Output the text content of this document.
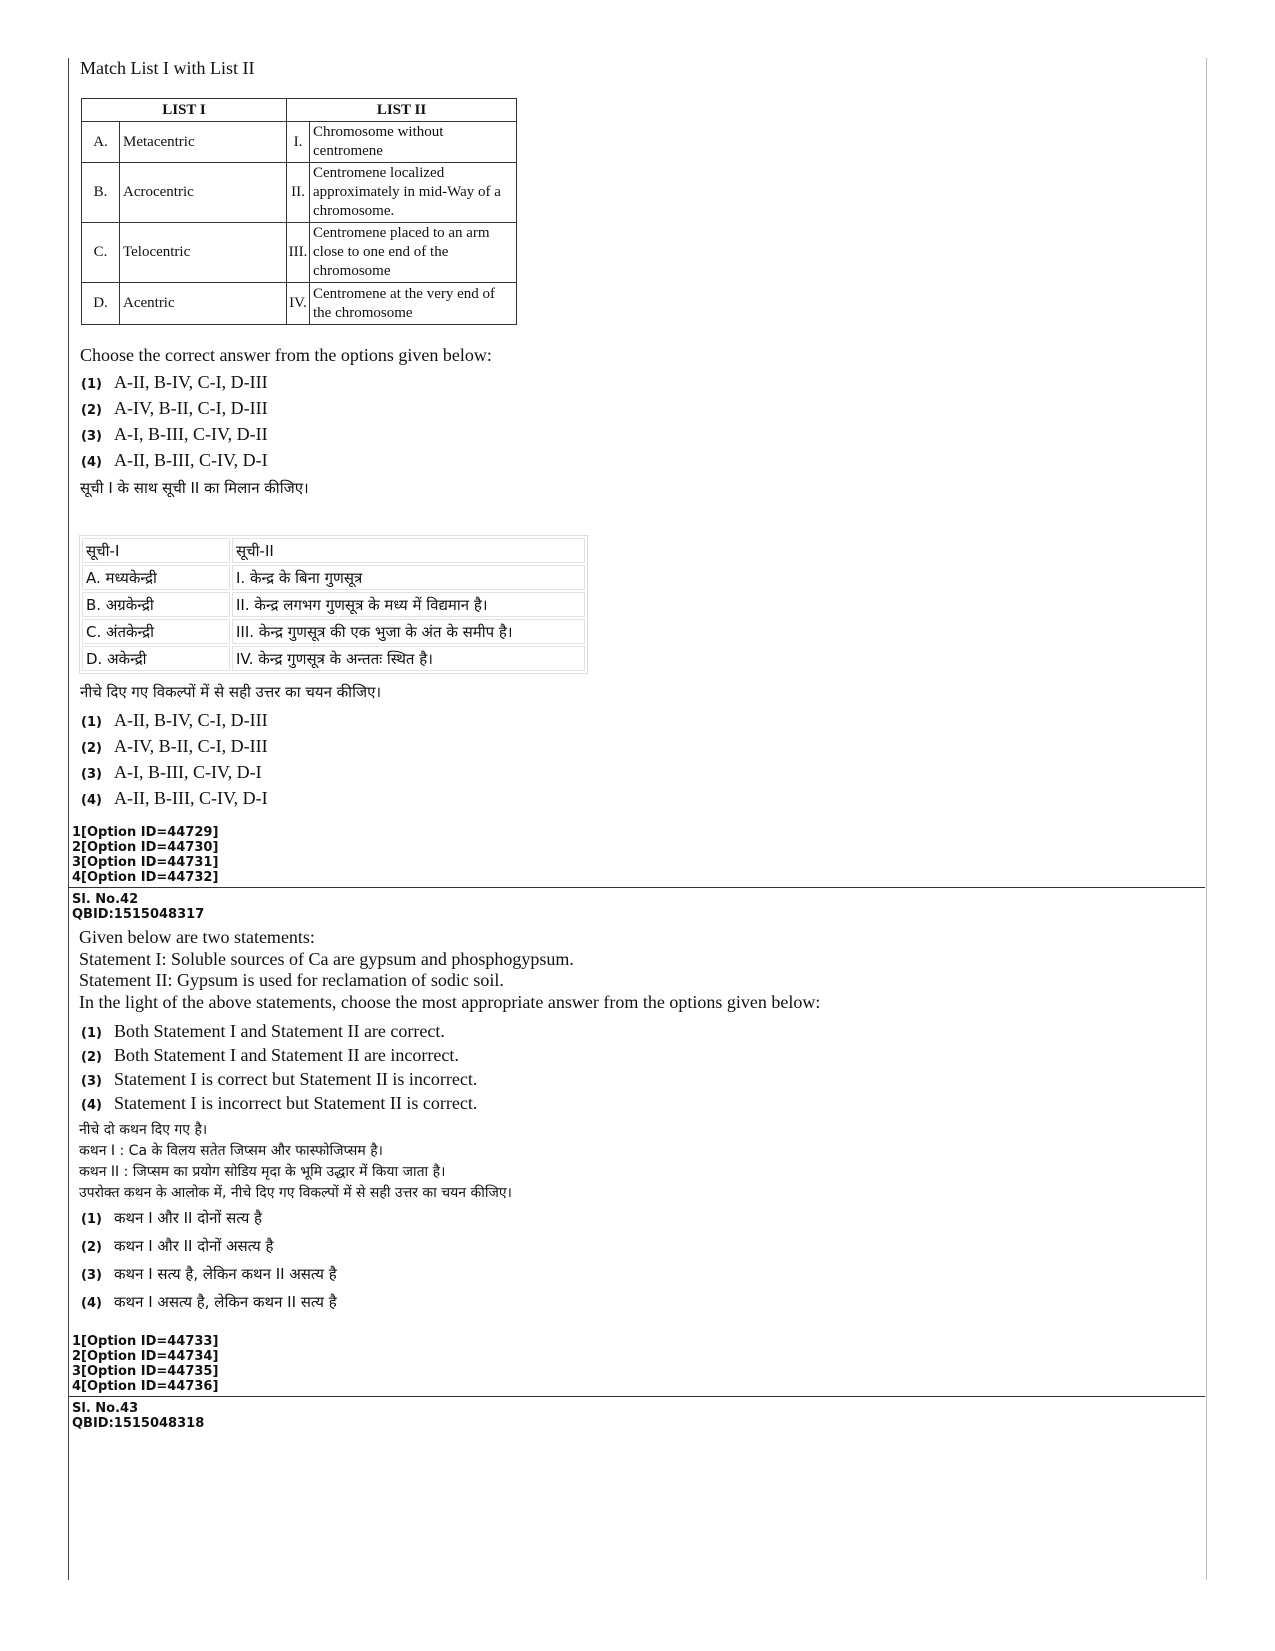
Match List I with List II
LIST I		LIST II	
A.	Metacentric	I.	Chromosome without centromene
B.	Acrocentric	II.	Centromene localized approximately in mid-Way of a chromosome.
C.	Telocentric	III.	Centromene placed to an arm close to one end of the chromosome
D.	Acentric	IV.	Centromene at the very end of the chromosome
Choose the correct answer from the options given below:
(1) A-II, B-IV, C-I, D-III
(2) A-IV, B-II, C-I, D-III
(3) A-I, B-III, C-IV, D-II
(4) A-II, B-III, C-IV, D-I
सूची I के साथ सूची II का मिलान कीजिए।
सूची-I	सूची-II
A. मध्यकेन्द्री	I. केन्द्र के बिना गुणसूत्र
B. अग्रकेन्द्री	II. केन्द्र लगभग गुणसूत्र के मध्य में विद्यमान है।
C. अंतकेन्द्री	III. केन्द्र गुणसूत्र की एक भुजा के अंत के समीप है।
D. अकेन्द्री	IV. केन्द्र गुणसूत्र के अन्ततः स्थित है।
नीचे दिए गए विकल्पों में से सही उत्तर का चयन कीजिए।
(1) A-II, B-IV, C-I, D-III
(2) A-IV, B-II, C-I, D-III
(3) A-I, B-III, C-IV, D-I
(4) A-II, B-III, C-IV, D-I
1[Option ID=44729]
2[Option ID=44730]
3[Option ID=44731]
4[Option ID=44732]
Sl. No.42
QBID:1515048317
Given below are two statements:
Statement I: Soluble sources of Ca are gypsum and phosphogypsum.
Statement II: Gypsum is used for reclamation of sodic soil.
In the light of the above statements, choose the most appropriate answer from the options given below:
(1) Both Statement I and Statement II are correct.
(2) Both Statement I and Statement II are incorrect.
(3) Statement I is correct but Statement II is incorrect.
(4) Statement I is incorrect but Statement II is correct.
नीचे दो कथन दिए गए है।
कथन I : Ca के विलय सतेत जिप्सम और फास्फोजिप्सम है।
कथन II : जिप्सम का प्रयोग सोडिय मृदा के भूमि उद्धार में किया जाता है।
उपरोक्त कथन के आलोक में, नीचे दिए गए विकल्पों में से सही उत्तर का चयन कीजिए।
(1) कथन I और II दोनों सत्य है
(2) कथन I और II दोनों असत्य है
(3) कथन I सत्य है, लेकिन कथन II असत्य है
(4) कथन I असत्य है, लेकिन कथन II सत्य है
1[Option ID=44733]
2[Option ID=44734]
3[Option ID=44735]
4[Option ID=44736]
Sl. No.43
QBID:1515048318
